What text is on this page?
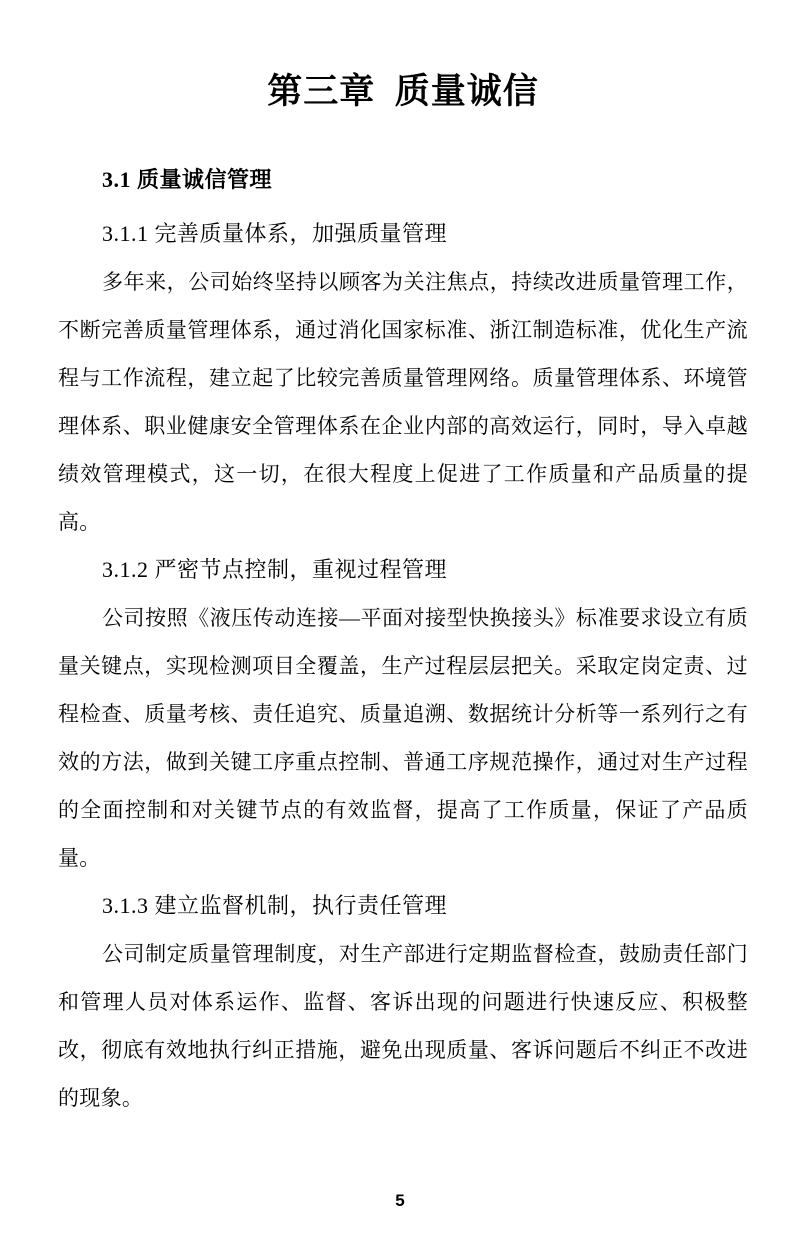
第三章  质量诚信
3.1 质量诚信管理
3.1.1 完善质量体系，加强质量管理
多年来，公司始终坚持以顾客为关注焦点，持续改进质量管理工作，
不断完善质量管理体系，通过消化国家标准、浙江制造标准，优化生产流
程与工作流程，建立起了比较完善质量管理网络。质量管理体系、环境管
理体系、职业健康安全管理体系在企业内部的高效运行，同时，导入卓越
绩效管理模式，这一切，在很大程度上促进了工作质量和产品质量的提
高。
3.1.2 严密节点控制，重视过程管理
公司按照《液压传动连接—平面对接型快换接头》标准要求设立有质
量关键点，实现检测项目全覆盖，生产过程层层把关。采取定岗定责、过
程检查、质量考核、责任追究、质量追溯、数据统计分析等一系列行之有
效的方法，做到关键工序重点控制、普通工序规范操作，通过对生产过程
的全面控制和对关键节点的有效监督，提高了工作质量，保证了产品质
量。
3.1.3 建立监督机制，执行责任管理
公司制定质量管理制度，对生产部进行定期监督检查，鼓励责任部门
和管理人员对体系运作、监督、客诉出现的问题进行快速反应、积极整
改，彻底有效地执行纠正措施，避免出现质量、客诉问题后不纠正不改进
的现象。
5
